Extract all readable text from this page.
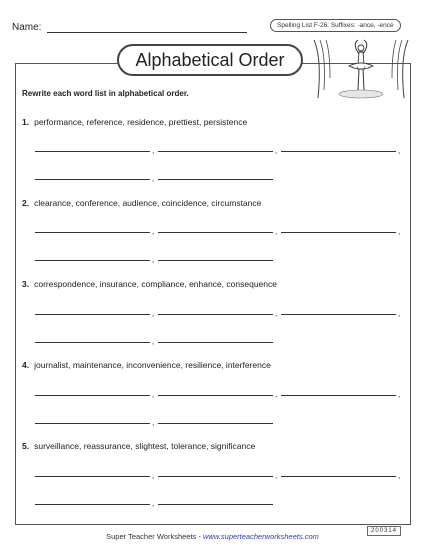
Name:	Spelling List F-26: Suffixes: -ance, -ence
Alphabetical Order
Rewrite each word list in alphabetical order.
1. performance, reference, residence, prettiest, persistence
,	,	,
,
2. clearance, conference, audience, coincidence, circumstance
,	,	,
,
3. correspondence, insurance, compliance, enhance, consequence
,	,	,
,
4. journalist, maintenance, inconvenience, resilience, interference
,	,	,
,
5. surveillance, reassurance, slightest, tolerance, significance
,	,	,
,
200314
Super Teacher Worksheets - www.superteacherworksheets.com
